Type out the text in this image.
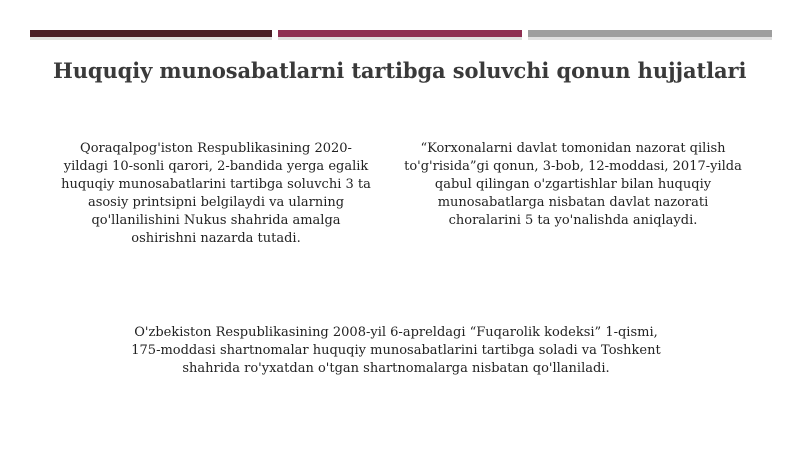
Huquqiy munosabatlarni tartibga soluvchi qonun hujjatlari
Qoraqalpog'iston Respublikasining 2020-yildagi 10-sonli qarori, 2-bandida yerga egalik huquqiy munosabatlarini tartibga soluvchi 3 ta asosiy printsipni belgilaydi va ularning qo'llanilishini Nukus shahrida amalga oshirishni nazarda tutadi.
“Korxonalarni davlat tomonidan nazorat qilish to'g'risida”gi qonun, 3-bob, 12-moddasi, 2017-yilda qabul qilingan o'zgartishlar bilan huquqiy munosabatlarga nisbatan davlat nazorati choralarini 5 ta yo'nalishda aniqlaydi.
O'zbekiston Respublikasining 2008-yil 6-apreldagi “Fuqarolik kodeksi” 1-qismi, 175-moddasi shartnomalar huquqiy munosabatlarini tartibga soladi va Toshkent shahrida ro'yxatdan o'tgan shartnomalarga nisbatan qo'llaniladi.
